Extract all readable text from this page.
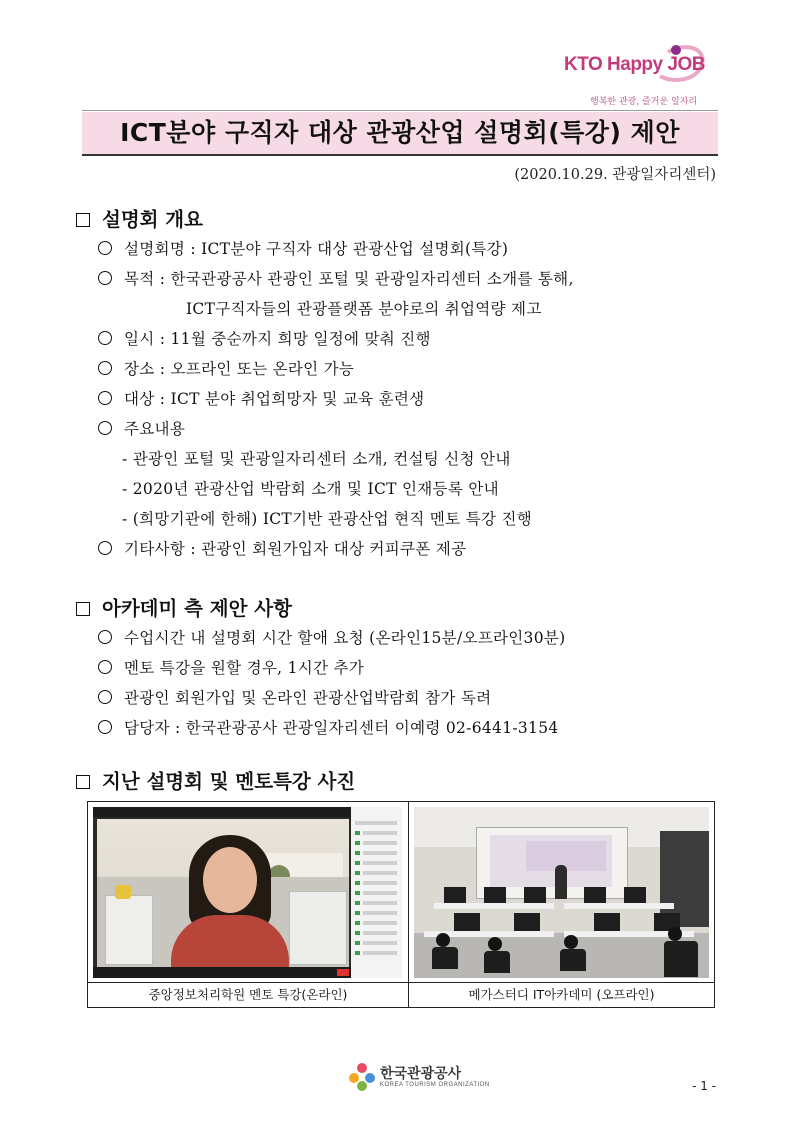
KTO Happy JOB
행복한 관광, 즐거운 일자리
ICT분야 구직자 대상 관광산업 설명회(특강) 제안
(2020.10.29. 관광일자리센터)
설명회 개요
설명회명 : ICT분야 구직자 대상 관광산업 설명회(특강)
목적 : 한국관광공사 관광인 포털 및 관광일자리센터 소개를 통해,
ICT구직자들의 관광플랫폼 분야로의 취업역량 제고
일시 : 11월 중순까지 희망 일정에 맞춰 진행
장소 : 오프라인 또는 온라인 가능
대상 : ICT 분야 취업희망자 및 교육 훈련생
주요내용
- 관광인 포털 및 관광일자리센터 소개, 컨설팅 신청 안내
- 2020년 관광산업 박람회 소개 및 ICT 인재등록 안내
- (희망기관에 한해) ICT기반 관광산업 현직 멘토 특강 진행
기타사항 : 관광인 회원가입자 대상 커피쿠폰 제공
아카데미 측 제안 사항
수업시간 내 설명회 시간 할애 요청 (온라인15분/오프라인30분)
멘토 특강을 원할 경우, 1시간 추가
관광인 회원가입 및 온라인 관광산업박람회 참가 독려
담당자 : 한국관광공사 관광일자리센터 이예령 02-6441-3154
지난 설명회 및 멘토특강 사진
중앙정보처리학원 멘토 특강(온라인)	메가스터디 IT아카데미 (오프라인)
한국관광공사
KOREA TOURISM ORGANIZATION	- 1 -
